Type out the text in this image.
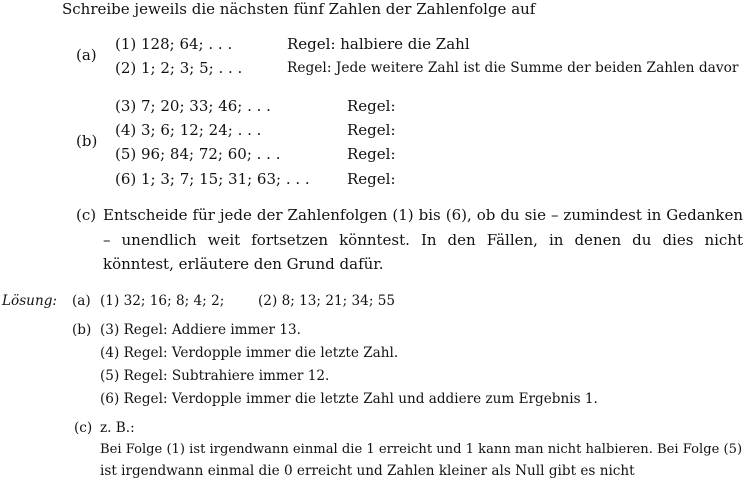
Schreibe jeweils die nächsten fünf Zahlen der Zahlenfolge auf
(a)
(1) 128; 64; . . .	Regel: halbiere die Zahl
(2) 1; 2; 3; 5; . . .	Regel: Jede weitere Zahl ist die Summe der beiden Zahlen davor
(b)
(3) 7; 20; 33; 46; . . .	Regel:
(4) 3; 6; 12; 24; . . .	Regel:
(5) 96; 84; 72; 60; . . .	Regel:
(6) 1; 3; 7; 15; 31; 63; . . . Regel:
(c) Entscheide für jede der Zahlenfolgen (1) bis (6), ob du sie – zumindest in Gedanken – unendlich weit fortsetzen könntest. In den Fällen, in denen du dies nicht könntest, erläutere den Grund dafür.
Lösung: (a) (1) 32; 16; 8; 4; 2; (2) 8; 13; 21; 34; 55
(b) (3) Regel: Addiere immer 13.
(4) Regel: Verdopple immer die letzte Zahl.
(5) Regel: Subtrahiere immer 12.
(6) Regel: Verdopple immer die letzte Zahl und addiere zum Ergebnis 1.
(c) z. B.:
Bei Folge (1) ist irgendwann einmal die 1 erreicht und 1 kann man nicht halbieren. Bei Folge (5)
ist irgendwann einmal die 0 erreicht und Zahlen kleiner als Null gibt es nicht
